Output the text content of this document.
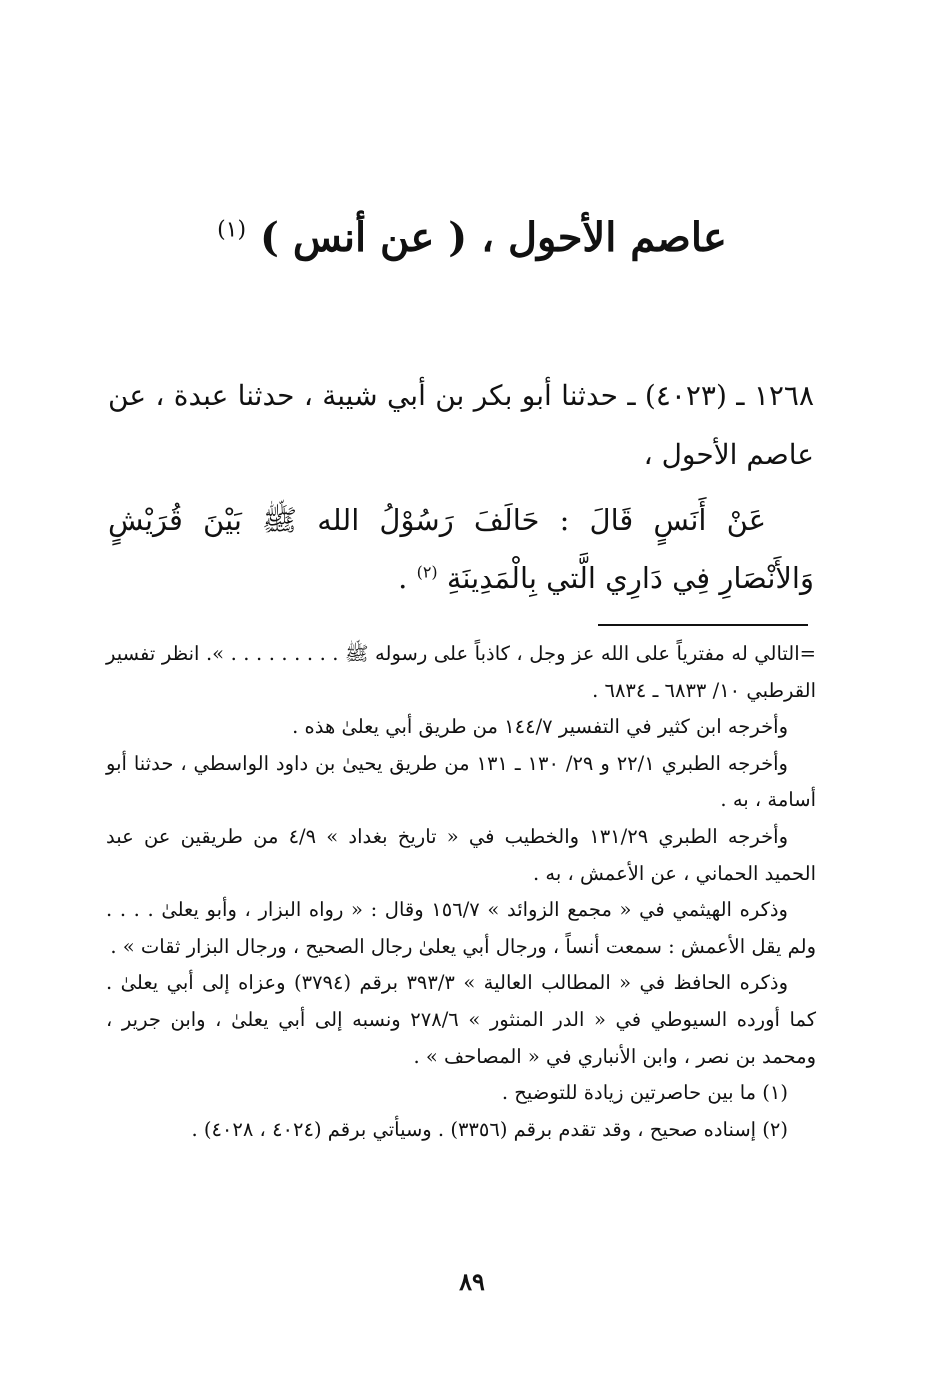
عاصم الأحول ، ( عن أنس ) $^{(١)}$

١٢٦٨ ـ (٤٠٢٣) ـ حدثنا أبو بكر بن أبي شيبة ، حدثنا عبدة ، عن عاصم الأحول ،

عَنْ أَنَسٍ قَالَ : حَالَفَ رَسُوْلُ الله ﷺ بَيْنَ قُرَيْشٍ وَالأَنْصَارِ فِي دَارِي الَّتي بِالْمَدِينَةِ $^{(٢)}$ .

=التالي له مفترياً على الله عز وجل ، كاذباً على رسوله ﷺ . . . . . . . . . ». انظر تفسير القرطبي ١٠/ ٦٨٣٣ ـ ٦٨٣٤ .

وأخرجه ابن كثير في التفسير ١٤٤/٧ من طريق أبي يعلىٰ هذه .

وأخرجه الطبري ٢٢/١ و ٢٩/ ١٣٠ ـ ١٣١ من طريق يحيىٰ بن داود الواسطي ، حدثنا أبو أسامة ، به .

وأخرجه الطبري ١٣١/٢٩ والخطيب في « تاريخ بغداد » ٤/٩ من طريقين عن عبد الحميد الحماني ، عن الأعمش ، به .

وذكره الهيثمي في « مجمع الزوائد » ١٥٦/٧ وقال : « رواه البزار ، وأبو يعلىٰ . . . . ولم يقل الأعمش : سمعت أنساً ، ورجال أبي يعلىٰ رجال الصحيح ، ورجال البزار ثقات » .

وذكره الحافظ في « المطالب العالية » ٣٩٣/٣ برقم (٣٧٩٤) وعزاه إلى أبي يعلىٰ . كما أورده السيوطي في « الدر المنثور » ٢٧٨/٦ ونسبه إلى أبي يعلىٰ ، وابن جرير ، ومحمد بن نصر ، وابن الأنباري في « المصاحف » .

(١) ما بين حاصرتين زيادة للتوضيح .

(٢) إسناده صحيح ، وقد تقدم برقم (٣٣٥٦) . وسيأتي برقم (٤٠٢٤ ، ٤٠٢٨) .

٨٩
